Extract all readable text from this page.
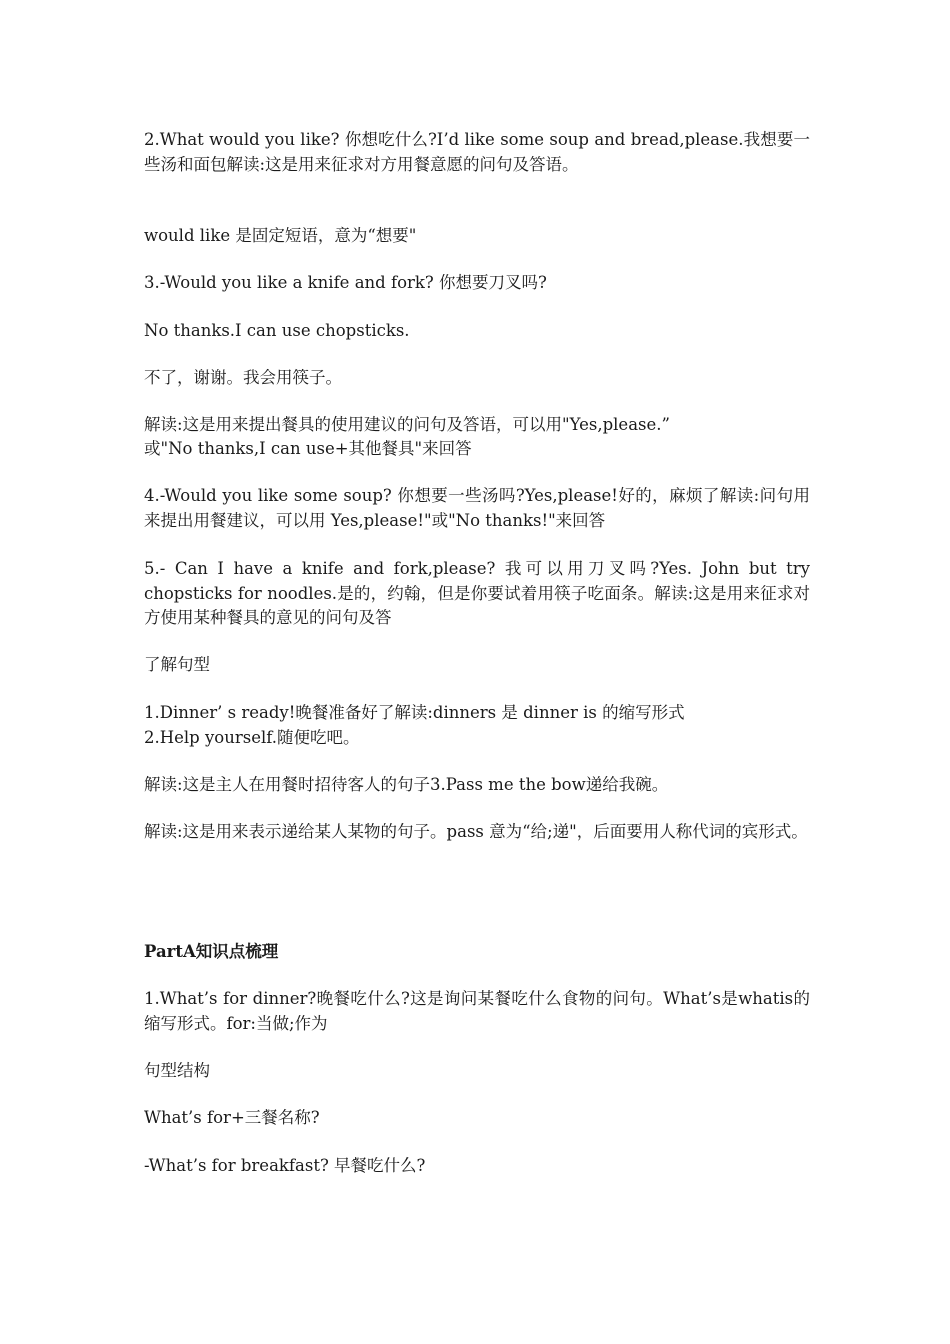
2.What would you like? 你想吃什么?I’d like some soup and bread,please.我想要一些汤和面包解读:这是用来征求对方用餐意愿的问句及答语。

would like 是固定短语，意为“想要"

3.-Would you like a knife and fork? 你想要刀叉吗?

No thanks.I can use chopsticks.

不了，谢谢。我会用筷子。

解读:这是用来提出餐具的使用建议的问句及答语，可以用"Yes,please.”

或"No thanks,I can use+其他餐具"来回答

4.-Would you like some soup? 你想要一些汤吗?Yes,please!好的，麻烦了解读:问句用来提出用餐建议，可以用 Yes,please!"或"No thanks!"来回答

5.- Can I have a knife and fork,please? 我可以用刀叉吗?Yes. John but try chopsticks for noodles.是的，约翰，但是你要试着用筷子吃面条。解读:这是用来征求对方使用某种餐具的意见的问句及答

了解句型

1.Dinner’ s ready!晚餐准备好了解读:dinners 是 dinner is 的缩写形式

2.Help yourself.随便吃吧。

解读:这是主人在用餐时招待客人的句子3.Pass me the bow递给我碗。

解读:这是用来表示递给某人某物的句子。pass 意为“给;递"，后面要用人称代词的宾形式。

PartA知识点梳理

1.What’s for dinner?晚餐吃什么?这是询问某餐吃什么食物的问句。What’s是whatis的缩写形式。for:当做;作为

句型结构

What’s for+三餐名称?

-What’s for breakfast? 早餐吃什么?
